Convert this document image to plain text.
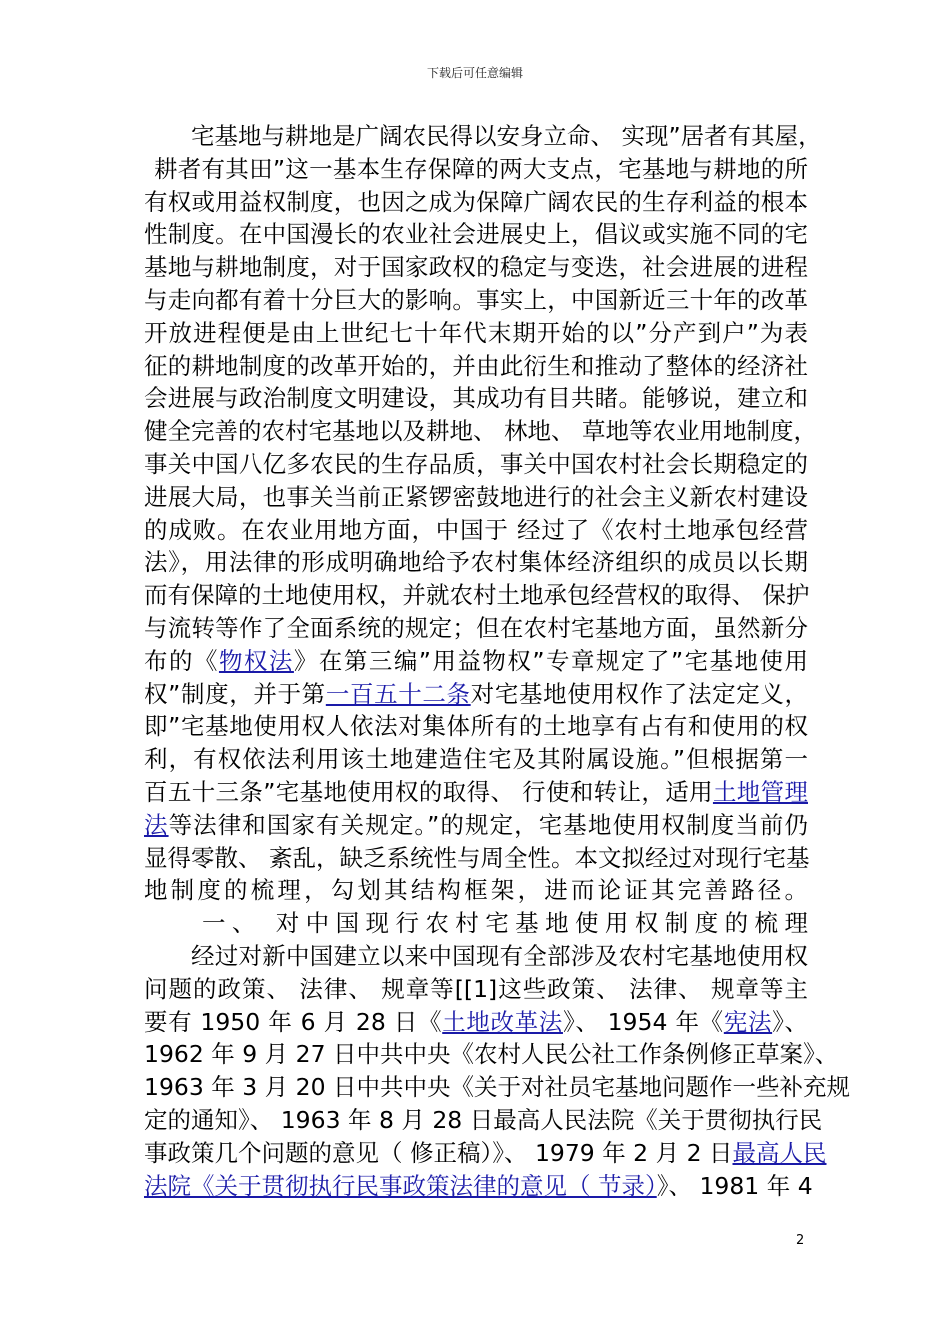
下载后可任意编辑
宅基地与耕地是广阔农民得以安身立命、 实现”居者有其屋，
耕者有其田”这一基本生存保障的两大支点，宅基地与耕地的所
有权或用益权制度，也因之成为保障广阔农民的生存利益的根本
性制度。在中国漫长的农业社会进展史上，倡议或实施不同的宅
基地与耕地制度，对于国家政权的稳定与变迭，社会进展的进程
与走向都有着十分巨大的影响。事实上，中国新近三十年的改革
开放进程便是由上世纪七十年代末期开始的以”分产到户”为表
征的耕地制度的改革开始的，并由此衍生和推动了整体的经济社
会进展与政治制度文明建设，其成功有目共睹。能够说，建立和
健全完善的农村宅基地以及耕地、 林地、 草地等农业用地制度，
事关中国八亿多农民的生存品质，事关中国农村社会长期稳定的
进展大局，也事关当前正紧锣密鼓地进行的社会主义新农村建设
的成败。在农业用地方面，中国于 经过了《农村土地承包经营
法》，用法律的形成明确地给予农村集体经济组织的成员以长期
而有保障的土地使用权，并就农村土地承包经营权的取得、 保护
与流转等作了全面系统的规定；但在农村宅基地方面，虽然新分
布的《物权法》在第三编”用益物权”专章规定了”宅基地使用
权”制度，并于第一百五十二条对宅基地使用权作了法定定义，
即”宅基地使用权人依法对集体所有的土地享有占有和使用的权
利，有权依法利用该土地建造住宅及其附属设施。”但根据第一
百五十三条”宅基地使用权的取得、 行使和转让，适用土地管理
法等法律和国家有关规定。”的规定，宅基地使用权制度当前仍
显得零散、 紊乱，缺乏系统性与周全性。本文拟经过对现行宅基
地制度的梳理，勾划其结构框架，进而论证其完善路径。
一、 对中国现行农村宅基地使用权制度的梳理
经过对新中国建立以来中国现有全部涉及农村宅基地使用权
问题的政策、 法律、 规章等[[1]这些政策、 法律、 规章等主
要有 1950 年 6 月 28 日《土地改革法》、 1954 年《宪法》、
1962 年 9 月 27 日中共中央《农村人民公社工作条例修正草案》、
1963 年 3 月 20 日中共中央《关于对社员宅基地问题作一些补充规
定的通知》、 1963 年 8 月 28 日最高人民法院《关于贯彻执行民
事政策几个问题的意见（ 修正稿）》、 1979 年 2 月 2 日最高人民
法院《关于贯彻执行民事政策法律的意见（ 节录）》、 1981 年 4
2
